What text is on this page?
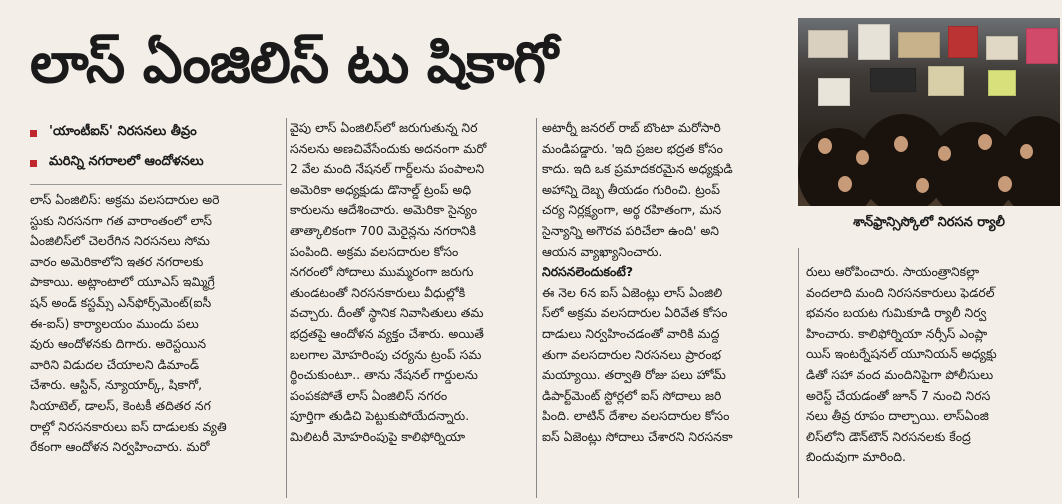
లాస్ ఏంజిలిస్ టు షికాగో
శాన్‌ఫ్రాన్సిస్కోలో నిరసన ర్యాలీ
'యాంటీఐస్' నిరసనలు తీవ్రం
మరిన్ని నగరాలలో ఆందోళనలు
లాస్ ఏంజిలిస్: అక్రమ వలసదారుల అరె
స్టుకు నిరసనగా గత వారాంతంలో లాస్
ఏంజిలిస్‌లో చెలరేగిన నిరసనలు సోమ
వారం అమెరికాలోని ఇతర నగరాలకు
పాకాయి. అట్లాంటాలో యూఎస్ ఇమ్మిగ్రే
షన్ అండ్ కస్టమ్స్ ఎన్‌ఫోర్స్‌మెంట్(ఐసీ
ఈ-ఐస్) కార్యాలయం ముందు పలు
వురు ఆందోళనకు దిగారు. అరెస్టయిన
వారిని విడుదల చేయాలని డిమాండ్
చేశారు. ఆస్టిన్, న్యూయార్క్, షికాగో,
సియాటెల్, డాలస్, కెంటకీ తదితర నగ
రాల్లో నిరసనకారులు ఐస్ దాడులకు వ్యతి
రేకంగా ఆందోళన నిర్వహించారు. మరో
వైపు లాస్ ఏంజిలిస్‌లో జరుగుతున్న నిర
సనలను అణచివేసేందుకు అదనంగా మరో
2 వేల మంది నేషనల్ గార్డ్‌లను పంపాలని
అమెరికా అధ్యక్షుడు డొనాల్డ్ ట్రంప్ అధి
కారులను ఆదేశించారు. అమెరికా సైన్యం
తాత్కాలికంగా 700 మెరైన్లను నగరానికి
పంపింది. అక్రమ వలసదారుల కోసం
నగరంలో సోదాలు ముమ్మరంగా జరుగు
తుండటంతో నిరసనకారులు వీధుల్లోకి
వచ్చారు. దీంతో స్థానిక నివాసితులు తమ
భద్రతపై ఆందోళన వ్యక్తం చేశారు. అయితే
బలగాల మోహరింపు చర్యను ట్రంప్ సమ
ర్థించుకుంటూ.. తాను నేషనల్ గార్డులను
పంపకపోతే లాస్ ఏంజిలిస్ నగరం
పూర్తిగా తుడిచి పెట్టుకుపోయేదన్నారు.
మిలిటరీ మోహరింపుపై కాలిఫోర్నియా
అటార్నీ జనరల్ రాబ్ బొంటా మరోసారి
మండిపడ్డారు. 'ఇది ప్రజల భద్రత కోసం
కాదు. ఇది ఒక ప్రమాదకరమైన అధ్యక్షుడి
అహాన్ని దెబ్బ తీయడం గురించి. ట్రంప్
చర్య నిర్లక్ష్యంగా, అర్థ రహితంగా, మన
సైన్యాన్ని అగౌరవ పరిచేలా ఉంది' అని
ఆయన వ్యాఖ్యానించారు.
నిరసనలెందుకంటే?
ఈ నెల 6న ఐస్ ఏజెంట్లు లాస్ ఏంజిలి
స్‌లో అక్రమ వలసదారుల ఏరివేత కోసం
దాడులు నిర్వహించడంతో వారికి మద్ద
తుగా వలసదారుల నిరసనలు ప్రారంభ
మయ్యాయి. తర్వాతి రోజు పలు హోమ్
డిపార్ట్‌మెంట్ స్టోర్లలో ఐస్ సోదాలు జరి
పింది. లాటిన్ దేశాల వలసదారుల కోసం
ఐస్ ఏజెంట్లు సోదాలు చేశారని నిరసనకా
రులు ఆరోపించారు. సాయంత్రానికల్లా
వందలాది మంది నిరసనకారులు ఫెడరల్
భవనం బయట గుమికూడి ర్యాలీ నిర్వ
హించారు. కాలిఫోర్నియా నర్సీస్ ఎంప్లా
యిస్ ఇంటర్నేషనల్ యూనియన్ అధ్యక్షు
డితో సహా వంద మందినిపైగా పోలీసులు
అరెస్ట్ చేయడంతో జూన్ 7 నుంచి నిరస
నలు తీవ్ర రూపం దాల్చాయి. లాస్‌ఏంజి
లిస్‌లోని డౌన్‌టౌన్ నిరసనలకు కేంద్ర
బిందువుగా మారింది.
